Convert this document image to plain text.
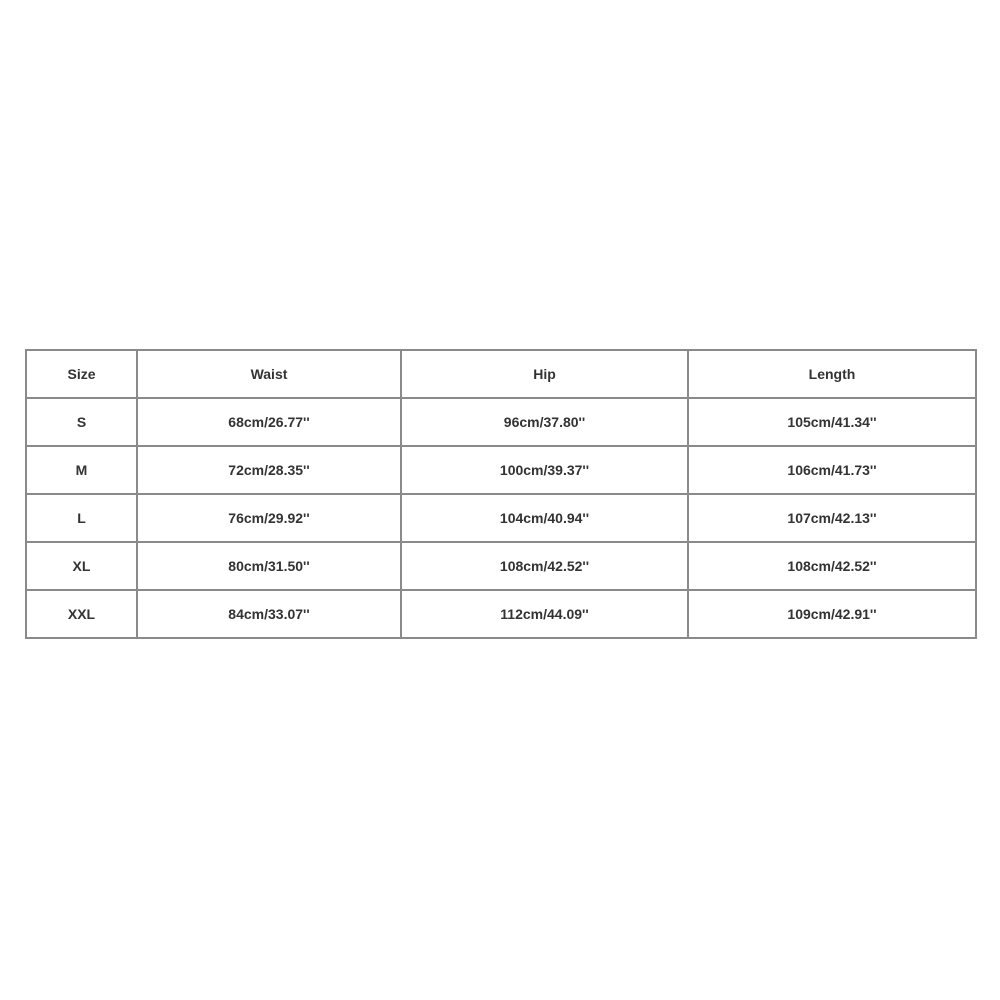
Size	Waist	Hip	Length
S	68cm/26.77''	96cm/37.80''	105cm/41.34''
M	72cm/28.35''	100cm/39.37''	106cm/41.73''
L	76cm/29.92''	104cm/40.94''	107cm/42.13''
XL	80cm/31.50''	108cm/42.52''	108cm/42.52''
XXL	84cm/33.07''	112cm/44.09''	109cm/42.91''
